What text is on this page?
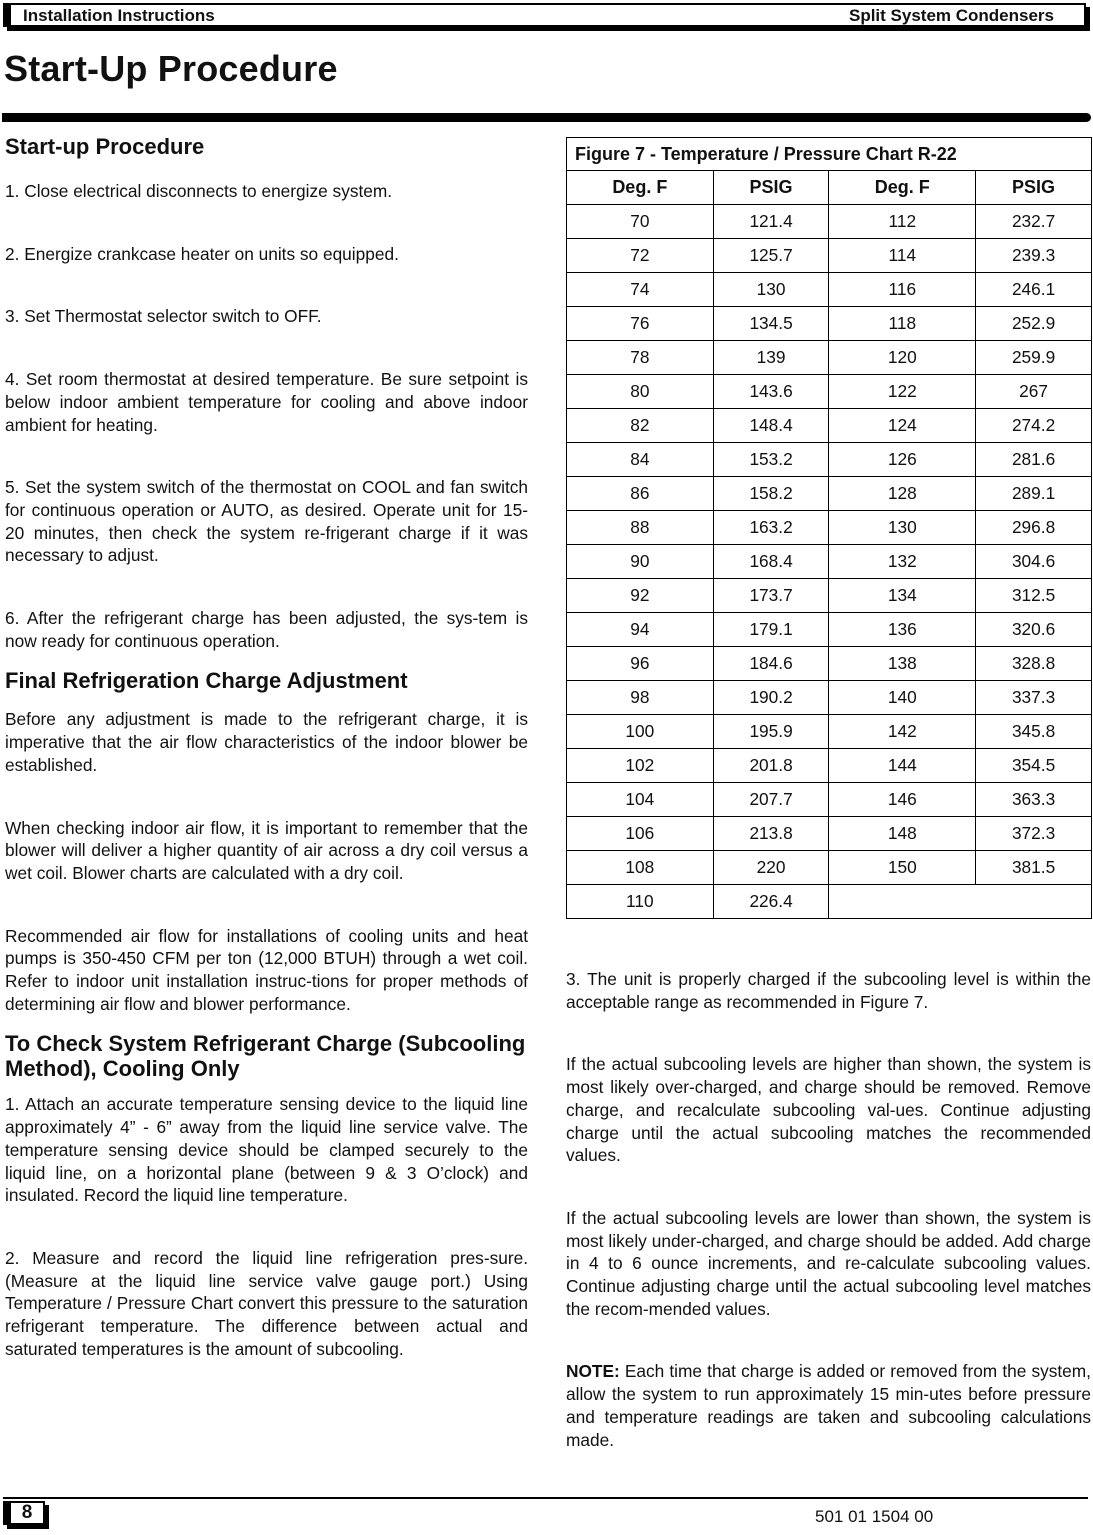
Installation Instructions	Split System Condensers
Start-Up Procedure
Start-up Procedure

1. Close electrical disconnects to energize system.

2. Energize crankcase heater on units so equipped.

3. Set Thermostat selector switch to OFF.

4. Set room thermostat at desired temperature. Be sure setpoint is below indoor ambient temperature for cooling and above indoor ambient for heating.

5. Set the system switch of the thermostat on COOL and fan switch for continuous operation or AUTO, as desired. Operate unit for 15-20 minutes, then check the system re-frigerant charge if it was necessary to adjust.

6. After the refrigerant charge has been adjusted, the sys-tem is now ready for continuous operation.

Final Refrigeration Charge Adjustment

Before any adjustment is made to the refrigerant charge, it is imperative that the air flow characteristics of the indoor blower be established.

When checking indoor air flow, it is important to remember that the blower will deliver a higher quantity of air across a dry coil versus a wet coil. Blower charts are calculated with a dry coil.

Recommended air flow for installations of cooling units and heat pumps is 350-450 CFM per ton (12,000 BTUH) through a wet coil. Refer to indoor unit installation instruc-tions for proper methods of determining air flow and blower performance.

To Check System Refrigerant Charge (Subcooling Method), Cooling Only

1. Attach an accurate temperature sensing device to the liquid line approximately 4” - 6” away from the liquid line service valve. The temperature sensing device should be clamped securely to the liquid line, on a horizontal plane (between 9 & 3 O’clock) and insulated. Record the liquid line temperature.

2. Measure and record the liquid line refrigeration pres-sure. (Measure at the liquid line service valve gauge port.) Using Temperature / Pressure Chart convert this pressure to the saturation refrigerant temperature. The difference between actual and saturated temperatures is the amount of subcooling.

Figure 7 - Temperature / Pressure Chart R-22			
Deg. F	PSIG	Deg. F	PSIG
70	121.4	112	232.7
72	125.7	114	239.3
74	130	116	246.1
76	134.5	118	252.9
78	139	120	259.9
80	143.6	122	267
82	148.4	124	274.2
84	153.2	126	281.6
86	158.2	128	289.1
88	163.2	130	296.8
90	168.4	132	304.6
92	173.7	134	312.5
94	179.1	136	320.6
96	184.6	138	328.8
98	190.2	140	337.3
100	195.9	142	345.8
102	201.8	144	354.5
104	207.7	146	363.3
106	213.8	148	372.3
108	220	150	381.5
110	226.4		

3. The unit is properly charged if the subcooling level is within the acceptable range as recommended in Figure 7.

If the actual subcooling levels are higher than shown, the system is most likely over-charged, and charge should be removed. Remove charge, and recalculate subcooling val-ues. Continue adjusting charge until the actual subcooling matches the recommended values.

If the actual subcooling levels are lower than shown, the system is most likely under-charged, and charge should be added. Add charge in 4 to 6 ounce increments, and re-calculate subcooling values. Continue adjusting charge until the actual subcooling level matches the recom-mended values.

NOTE: Each time that charge is added or removed from the system, allow the system to run approximately 15 min-utes before pressure and temperature readings are taken and subcooling calculations made.

8	501 01 1504 00
